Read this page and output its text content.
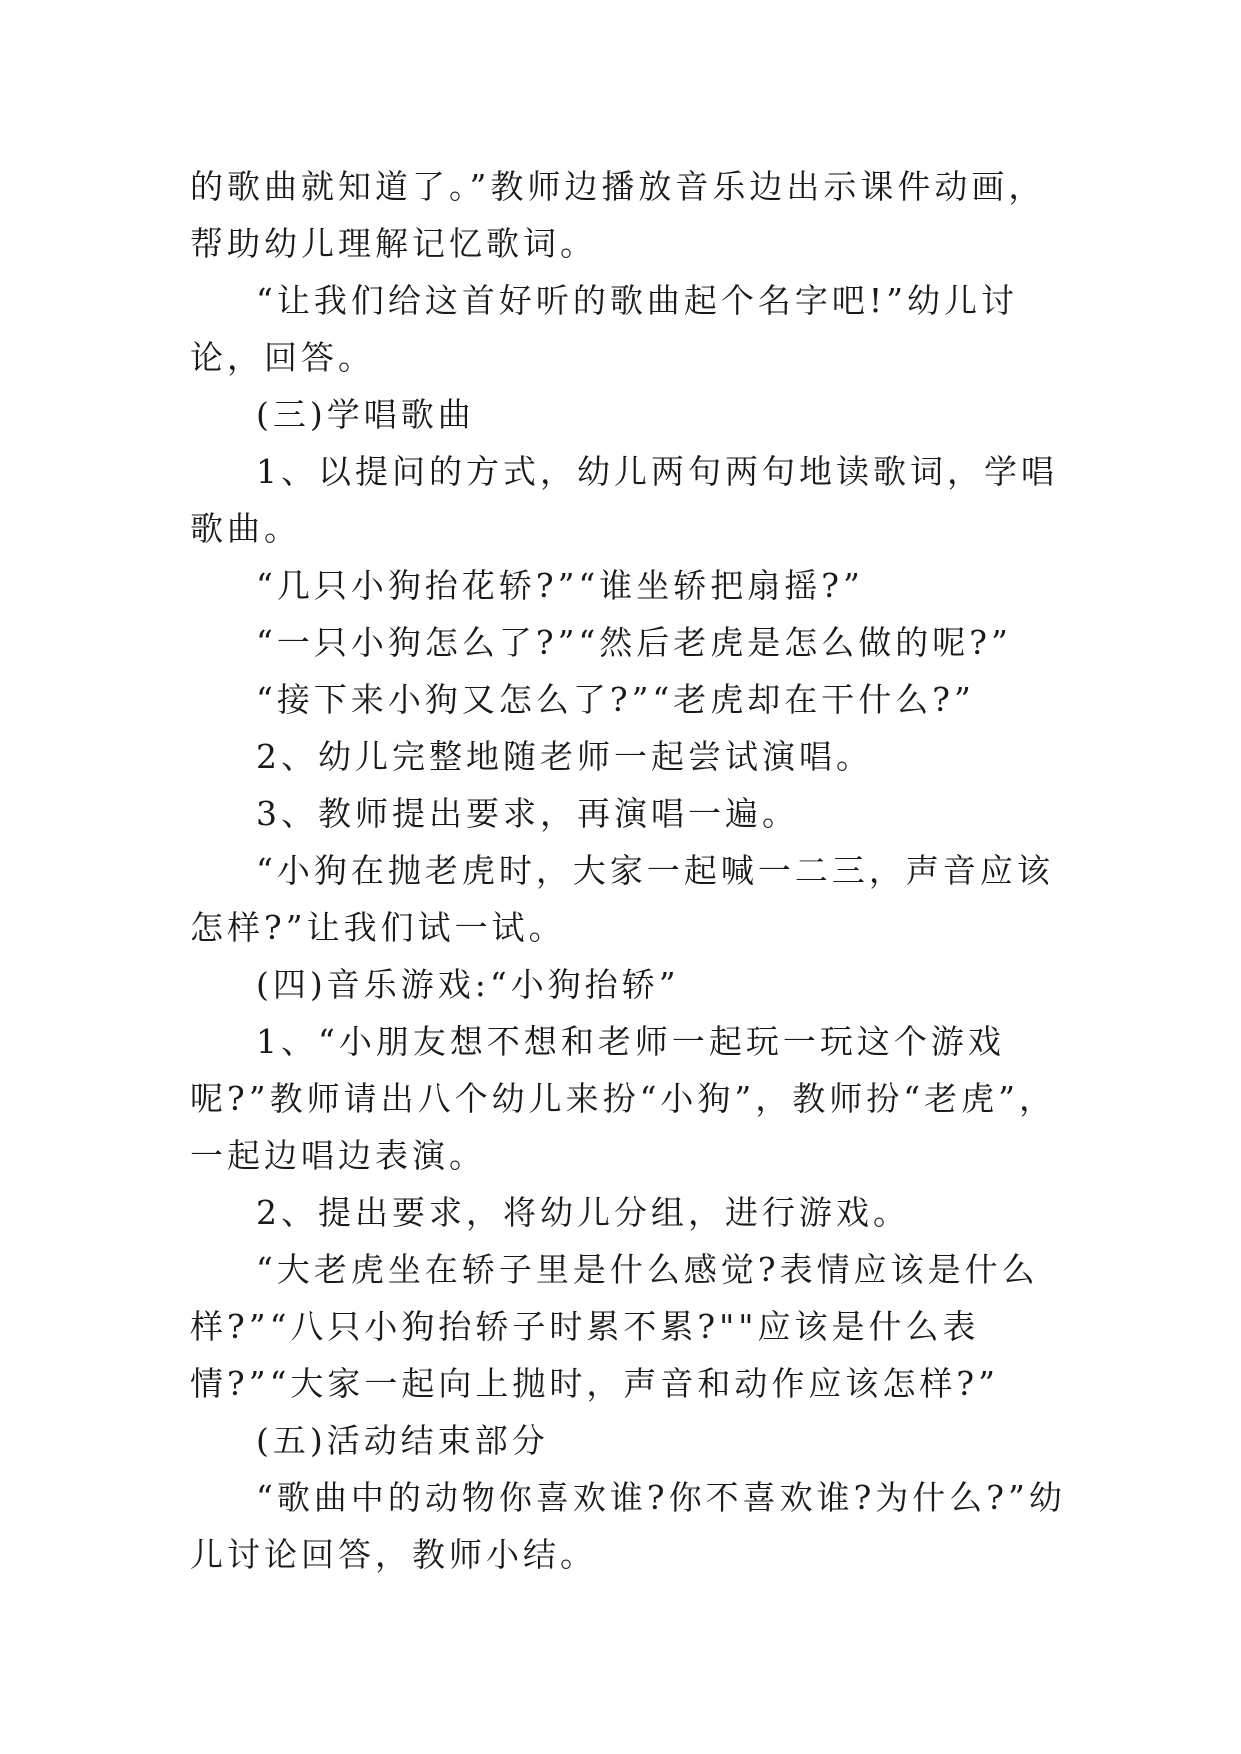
的歌曲就知道了。”教师边播放音乐边出示课件动画，帮助幼儿理解记忆歌词。

“让我们给这首好听的歌曲起个名字吧!”幼儿讨论，回答。

(三)学唱歌曲

1、以提问的方式，幼儿两句两句地读歌词，学唱歌曲。

“几只小狗抬花轿?”“谁坐轿把扇摇?”

“一只小狗怎么了?”“然后老虎是怎么做的呢?”

“接下来小狗又怎么了?”“老虎却在干什么?”

2、幼儿完整地随老师一起尝试演唱。

3、教师提出要求，再演唱一遍。

“小狗在抛老虎时，大家一起喊一二三，声音应该怎样?”让我们试一试。

(四)音乐游戏:“小狗抬轿”

1、“小朋友想不想和老师一起玩一玩这个游戏呢?”教师请出八个幼儿来扮“小狗”，教师扮“老虎”，一起边唱边表演。

2、提出要求，将幼儿分组，进行游戏。

“大老虎坐在轿子里是什么感觉?表情应该是什么样?”“八只小狗抬轿子时累不累?""应该是什么表情?”“大家一起向上抛时，声音和动作应该怎样?”

(五)活动结束部分

“歌曲中的动物你喜欢谁?你不喜欢谁?为什么?”幼儿讨论回答，教师小结。
